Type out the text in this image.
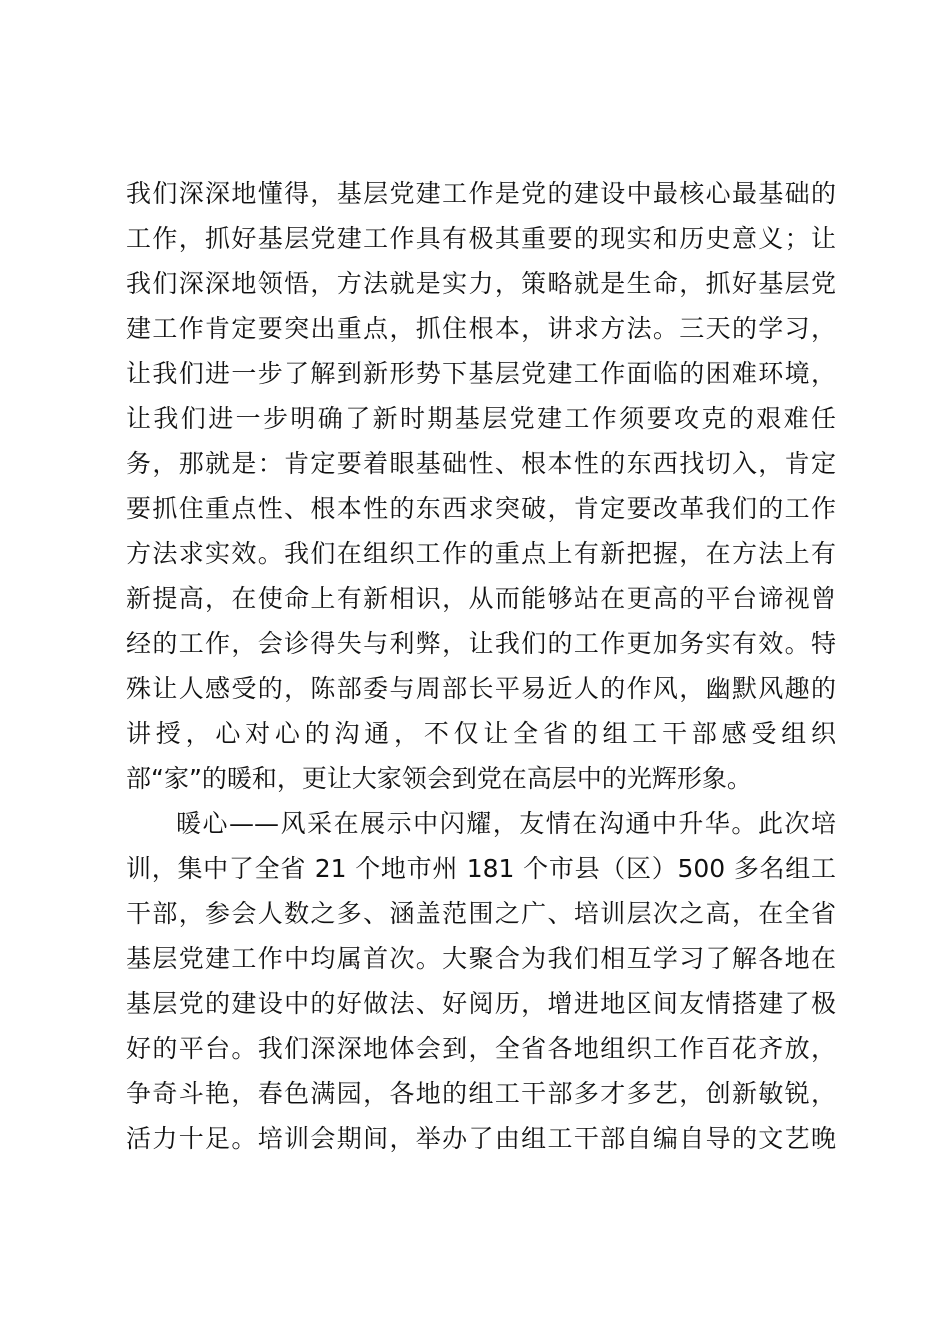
我们深深地懂得，基层党建工作是党的建设中最核心最基础的
工作，抓好基层党建工作具有极其重要的现实和历史意义；让
我们深深地领悟，方法就是实力，策略就是生命，抓好基层党
建工作肯定要突出重点，抓住根本，讲求方法。三天的学习，
让我们进一步了解到新形势下基层党建工作面临的困难环境，
让我们进一步明确了新时期基层党建工作须要攻克的艰难任
务，那就是：肯定要着眼基础性、根本性的东西找切入，肯定
要抓住重点性、根本性的东西求突破，肯定要改革我们的工作
方法求实效。我们在组织工作的重点上有新把握，在方法上有
新提高，在使命上有新相识，从而能够站在更高的平台谛视曾
经的工作，会诊得失与利弊，让我们的工作更加务实有效。特
殊让人感受的，陈部委与周部长平易近人的作风，幽默风趣的
讲授，心对心的沟通，不仅让全省的组工干部感受组织
部“家”的暖和，更让大家领会到党在高层中的光辉形象。
暖心——风采在展示中闪耀，友情在沟通中升华。此次培
训，集中了全省 21 个地市州 181 个市县（区）500 多名组工
干部，参会人数之多、涵盖范围之广、培训层次之高，在全省
基层党建工作中均属首次。大聚合为我们相互学习了解各地在
基层党的建设中的好做法、好阅历，增进地区间友情搭建了极
好的平台。我们深深地体会到，全省各地组织工作百花齐放，
争奇斗艳，春色满园，各地的组工干部多才多艺，创新敏锐，
活力十足。培训会期间，举办了由组工干部自编自导的文艺晚
